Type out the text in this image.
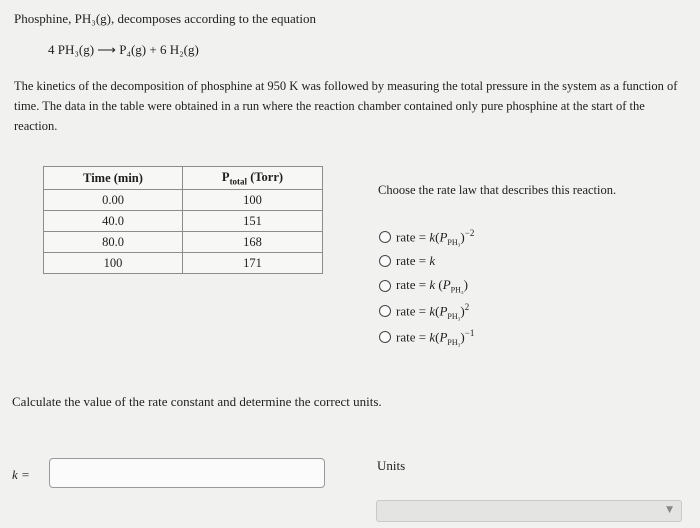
Phosphine, PH₃(g), decomposes according to the equation
4 PH₃(g) ⟶ P₄(g) + 6 H₂(g)
The kinetics of the decomposition of phosphine at 950 K was followed by measuring the total pressure in the system as a function of time. The data in the table were obtained in a run where the reaction chamber contained only pure phosphine at the start of the reaction.
Time (min)	$P_{total}$ (Torr)
0.00	100
40.0	151
80.0	168
100	171
Choose the rate law that describes this reaction.
rate = $k(P_{PH_3})^{-2}$
rate = k
rate = k $(P_{PH_3})$
rate = $k(P_{PH_3})^2$
rate = $k(P_{PH_3})^{-1}$
Calculate the value of the rate constant and determine the correct units.
k =
Units
▼
